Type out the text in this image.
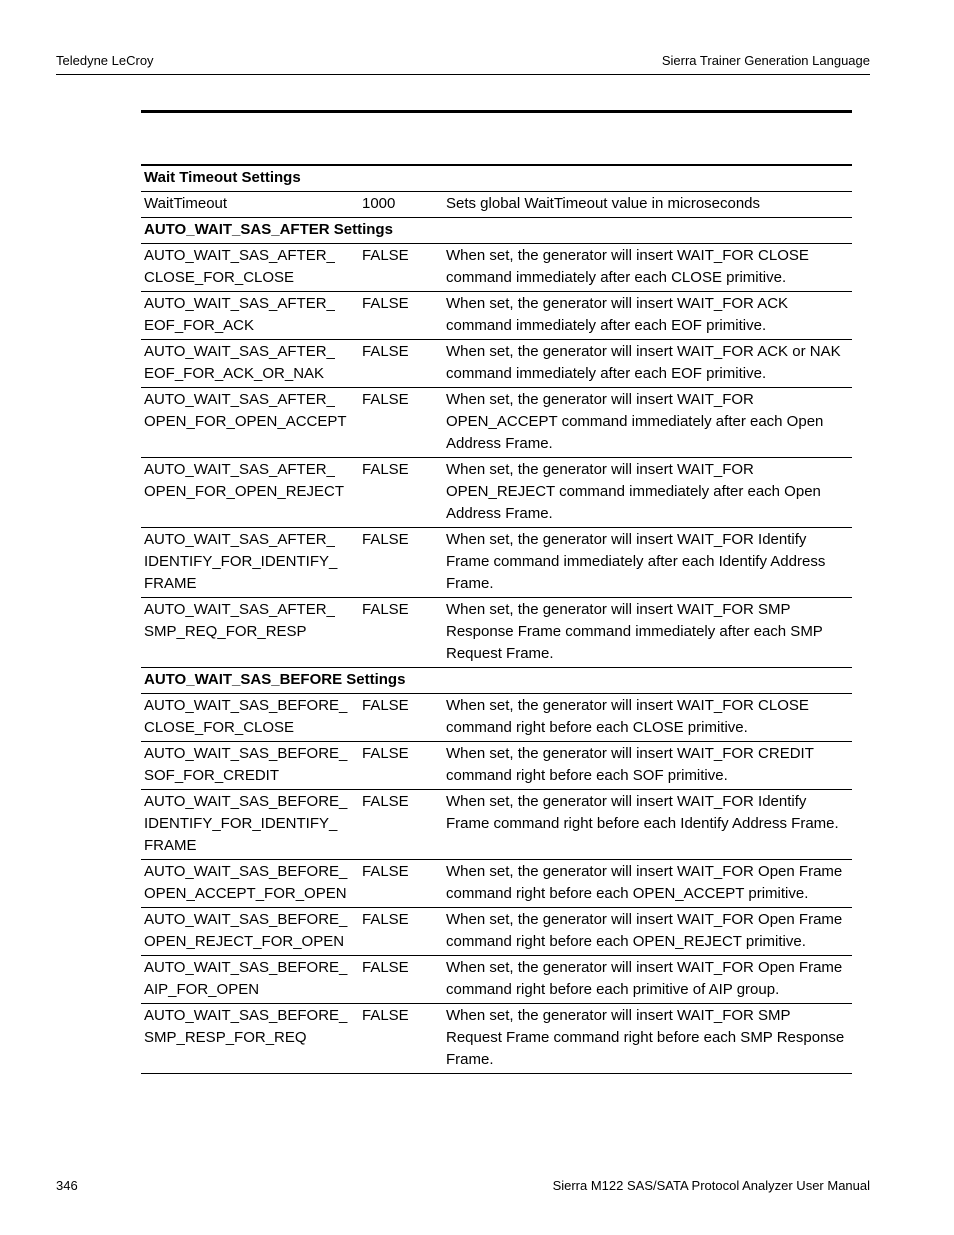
Teledyne LeCroy	Sierra Trainer Generation Language
Wait Timeout Settings		

WaitTimeout	1000	Sets global WaitTimeout value in microseconds
AUTO_WAIT_SAS_AFTER Settings		

AUTO_WAIT_SAS_AFTER_
CLOSE_FOR_CLOSE	FALSE	When set, the generator will insert WAIT_FOR CLOSE command immediately after each CLOSE primitive.

AUTO_WAIT_SAS_AFTER_
EOF_FOR_ACK	FALSE	When set, the generator will insert WAIT_FOR ACK command immediately after each EOF primitive.

AUTO_WAIT_SAS_AFTER_
EOF_FOR_ACK_OR_NAK	FALSE	When set, the generator will insert WAIT_FOR ACK or NAK command immediately after each EOF primitive.

AUTO_WAIT_SAS_AFTER_
OPEN_FOR_OPEN_ACCEPT	FALSE	When set, the generator will insert WAIT_FOR OPEN_ACCEPT command immediately after each Open Address Frame.

AUTO_WAIT_SAS_AFTER_
OPEN_FOR_OPEN_REJECT	FALSE	When set, the generator will insert WAIT_FOR OPEN_REJECT command immediately after each Open Address Frame.

AUTO_WAIT_SAS_AFTER_
IDENTIFY_FOR_IDENTIFY_
FRAME	FALSE	When set, the generator will insert WAIT_FOR Identify Frame command immediately after each Identify Address Frame.

AUTO_WAIT_SAS_AFTER_
SMP_REQ_FOR_RESP	FALSE	When set, the generator will insert WAIT_FOR SMP Response Frame command immediately after each SMP Request Frame.
AUTO_WAIT_SAS_BEFORE Settings		

AUTO_WAIT_SAS_BEFORE_
CLOSE_FOR_CLOSE	FALSE	When set, the generator will insert WAIT_FOR CLOSE command right before each CLOSE primitive.

AUTO_WAIT_SAS_BEFORE_
SOF_FOR_CREDIT	FALSE	When set, the generator will insert WAIT_FOR CREDIT command right before each SOF primitive.

AUTO_WAIT_SAS_BEFORE_
IDENTIFY_FOR_IDENTIFY_
FRAME	FALSE	When set, the generator will insert WAIT_FOR Identify Frame command right before each Identify Address Frame.

AUTO_WAIT_SAS_BEFORE_
OPEN_ACCEPT_FOR_OPEN	FALSE	When set, the generator will insert WAIT_FOR Open Frame command right before each OPEN_ACCEPT primitive.

AUTO_WAIT_SAS_BEFORE_
OPEN_REJECT_FOR_OPEN	FALSE	When set, the generator will insert WAIT_FOR Open Frame command right before each OPEN_REJECT primitive.

AUTO_WAIT_SAS_BEFORE_
AIP_FOR_OPEN	FALSE	When set, the generator will insert WAIT_FOR Open Frame command right before each primitive of AIP group.

AUTO_WAIT_SAS_BEFORE_
SMP_RESP_FOR_REQ	FALSE	When set, the generator will insert WAIT_FOR SMP Request Frame command right before each SMP Response Frame.
346	Sierra M122 SAS/SATA Protocol Analyzer User Manual
